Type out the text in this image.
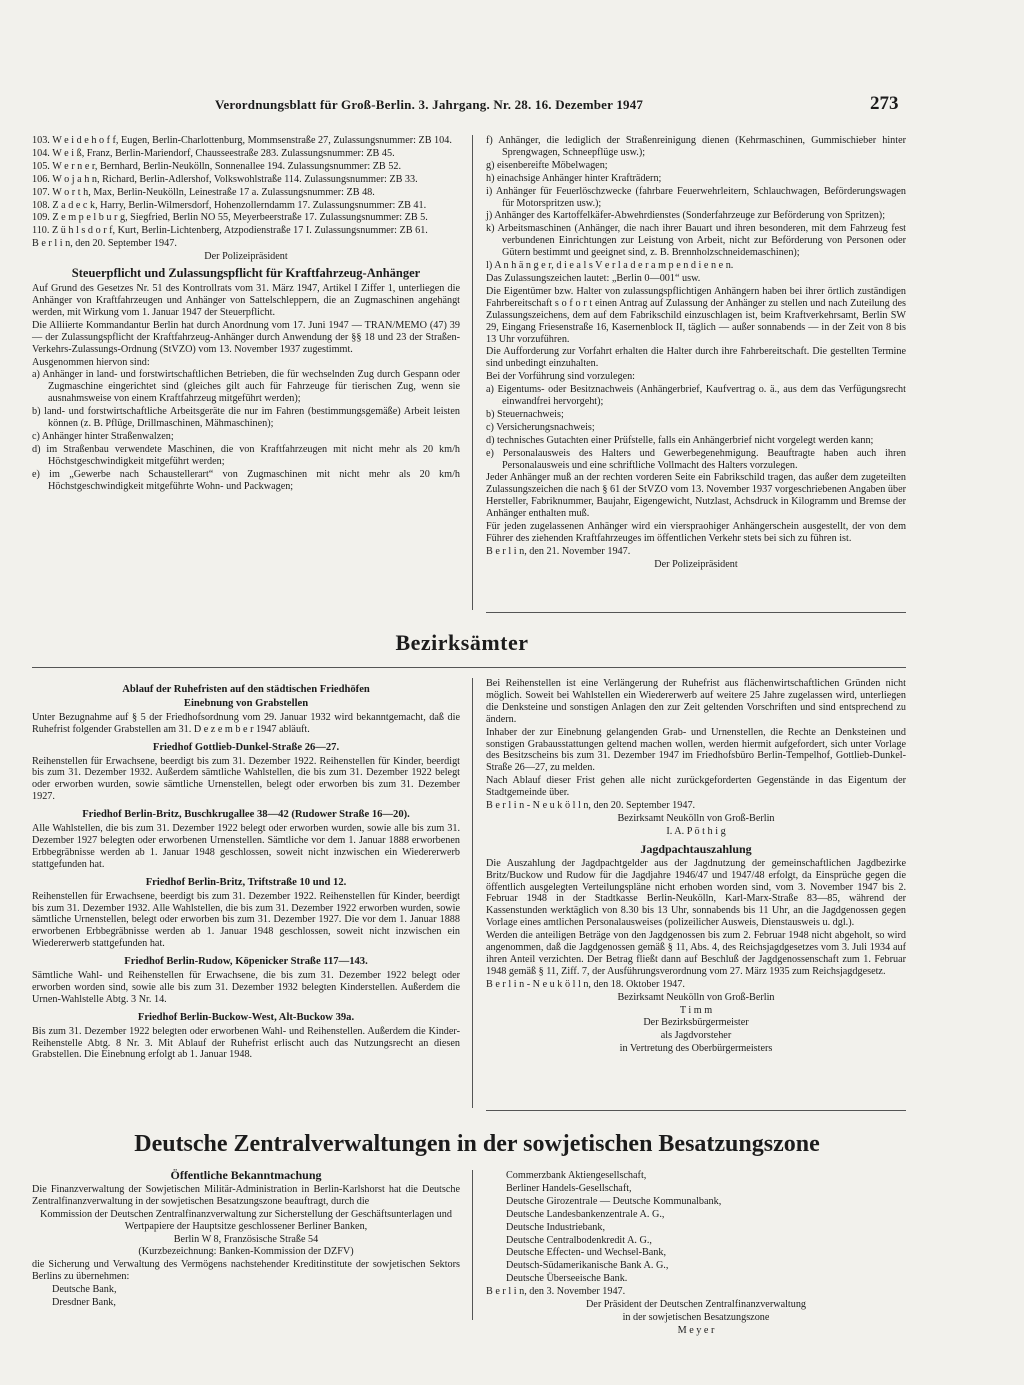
Verordnungsblatt für Groß-Berlin. 3. Jahrgang. Nr. 28. 16. Dezember 1947	273

103. W e i d e h o f f, Eugen, Berlin-Charlottenburg, Mommsenstraße 27, Zulassungsnummer: ZB 104.

104. W e i ß, Franz, Berlin-Mariendorf, Chausseestraße 283. Zulassungsnummer: ZB 45.

105. W e r n e r, Bernhard, Berlin-Neukölln, Sonnenallee 194. Zulassungsnummer: ZB 52.

106. W o j a h n, Richard, Berlin-Adlershof, Volkswohlstraße 114. Zulassungsnummer: ZB 33.

107. W o r t h, Max, Berlin-Neukölln, Leinestraße 17 a. Zulassungsnummer: ZB 48.

108. Z a d e c k, Harry, Berlin-Wilmersdorf, Hohenzollerndamm 17. Zulassungsnummer: ZB 41.

109. Z e m p e l b u r g, Siegfried, Berlin NO 55, Meyerbeerstraße 17. Zulassungsnummer: ZB 5.

110. Z ü h l s d o r f, Kurt, Berlin-Lichtenberg, Atzpodienstraße 17 I. Zulassungsnummer: ZB 61.

B e r l i n, den 20. September 1947.

Der Polizeipräsident

Steuerpflicht und Zulassungspflicht für Kraftfahrzeug-Anhänger

Auf Grund des Gesetzes Nr. 51 des Kontrollrats vom 31. März 1947, Artikel I Ziffer 1, unterliegen die Anhänger von Kraftfahrzeugen und Anhänger von Sattelschleppern, die an Zugmaschinen angehängt werden, mit Wirkung vom 1. Januar 1947 der Steuerpflicht.

Die Alliierte Kommandantur Berlin hat durch Anordnung vom 17. Juni 1947 — TRAN/MEMO (47) 39 — der Zulassungspflicht der Kraftfahrzeug-Anhänger durch Anwendung der §§ 18 und 23 der Straßen-Verkehrs-Zulassungs-Ordnung (StVZO) vom 13. November 1937 zugestimmt.

Ausgenommen hiervon sind:

a) Anhänger in land- und forstwirtschaftlichen Betrieben, die für wechselnden Zug durch Gespann oder Zugmaschine eingerichtet sind (gleiches gilt auch für Fahrzeuge für tierischen Zug, wenn sie ausnahmsweise von einem Kraftfahrzeug mitgeführt werden);

b) land- und forstwirtschaftliche Arbeitsgeräte die nur im Fahren (bestimmungsgemäße) Arbeit leisten können (z. B. Pflüge, Drillmaschinen, Mähmaschinen);

c) Anhänger hinter Straßenwalzen;

d) im Straßenbau verwendete Maschinen, die von Kraftfahrzeugen mit nicht mehr als 20 km/h Höchstgeschwindigkeit mitgeführt werden;

e) im „Gewerbe nach Schaustellerart“ von Zugmaschinen mit nicht mehr als 20 km/h Höchstgeschwindigkeit mitgeführte Wohn- und Packwagen;

f) Anhänger, die lediglich der Straßenreinigung dienen (Kehrmaschinen, Gummischieber hinter Sprengwagen, Schneepflüge usw.);

g) eisenbereifte Möbelwagen;

h) einachsige Anhänger hinter Krafträdern;

i) Anhänger für Feuerlöschzwecke (fahrbare Feuerwehrleitern, Schlauchwagen, Beförderungswagen für Motorspritzen usw.);

j) Anhänger des Kartoffelkäfer-Abwehrdienstes (Sonderfahrzeuge zur Beförderung von Spritzen);

k) Arbeitsmaschinen (Anhänger, die nach ihrer Bauart und ihren besonderen, mit dem Fahrzeug fest verbundenen Einrichtungen zur Leistung von Arbeit, nicht zur Beförderung von Personen oder Gütern bestimmt und geeignet sind, z. B. Brennholzschneidemaschinen);

l) A n h ä n g e r, d i e a l s V e r l a d e r a m p e n d i e n e n.

Das Zulassungszeichen lautet: „Berlin 0—001“ usw.

Die Eigentümer bzw. Halter von zulassungspflichtigen Anhängern haben bei ihrer örtlich zuständigen Fahrbereitschaft s o f o r t einen Antrag auf Zulassung der Anhänger zu stellen und nach Zuteilung des Zulassungszeichens, dem auf dem Fabrikschild einzuschlagen ist, beim Kraftverkehrsamt, Berlin SW 29, Eingang Friesenstraße 16, Kasernenblock II, täglich — außer sonnabends — in der Zeit von 8 bis 13 Uhr vorzuführen.

Die Aufforderung zur Vorfahrt erhalten die Halter durch ihre Fahrbereitschaft. Die gestellten Termine sind unbedingt einzuhalten.

Bei der Vorführung sind vorzulegen:

a) Eigentums- oder Besitznachweis (Anhängerbrief, Kaufvertrag o. ä., aus dem das Verfügungsrecht einwandfrei hervorgeht);

b) Steuernachweis;

c) Versicherungsnachweis;

d) technisches Gutachten einer Prüfstelle, falls ein Anhängerbrief nicht vorgelegt werden kann;

e) Personalausweis des Halters und Gewerbegenehmigung. Beauftragte haben auch ihren Personalausweis und eine schriftliche Vollmacht des Halters vorzulegen.

Jeder Anhänger muß an der rechten vorderen Seite ein Fabrikschild tragen, das außer dem zugeteilten Zulassungszeichen die nach § 61 der StVZO vom 13. November 1937 vorgeschriebenen Angaben über Hersteller, Fabriknummer, Baujahr, Eigengewicht, Nutzlast, Achsdruck in Kilogramm und Bremse der Anhänger enthalten muß.

Für jeden zugelassenen Anhänger wird ein vierspraohiger Anhängerschein ausgestellt, der von dem Führer des ziehenden Kraftfahrzeuges im öffentlichen Verkehr stets bei sich zu führen ist.

B e r l i n, den 21. November 1947.

Der Polizeipräsident

Bezirksämter

Ablauf der Ruhefristen auf den städtischen Friedhöfen

Einebnung von Grabstellen

Unter Bezugnahme auf § 5 der Friedhofsordnung vom 29. Januar 1932 wird bekanntgemacht, daß die Ruhefrist folgender Grabstellen am 31. D e z e m b e r 1947 abläuft.

Friedhof Gottlieb-Dunkel-Straße 26—27.

Reihenstellen für Erwachsene, beerdigt bis zum 31. Dezember 1922. Reihenstellen für Kinder, beerdigt bis zum 31. Dezember 1932. Außerdem sämtliche Wahlstellen, die bis zum 31. Dezember 1922 belegt oder erworben wurden, sowie sämtliche Urnenstellen, belegt oder erworben bis zum 31. Dezember 1927.

Friedhof Berlin-Britz, Buschkrugallee 38—42 (Rudower Straße 16—20).

Alle Wahlstellen, die bis zum 31. Dezember 1922 belegt oder erworben wurden, sowie alle bis zum 31. Dezember 1927 belegten oder erworbenen Urnenstellen. Sämtliche vor dem 1. Januar 1888 erworbenen Erbbegräbnisse werden ab 1. Januar 1948 geschlossen, soweit nicht inzwischen ein Wiedererwerb stattgefunden hat.

Friedhof Berlin-Britz, Triftstraße 10 und 12.

Reihenstellen für Erwachsene, beerdigt bis zum 31. Dezember 1922. Reihenstellen für Kinder, beerdigt bis zum 31. Dezember 1932. Alle Wahlstellen, die bis zum 31. Dezember 1922 erworben wurden, sowie sämtliche Urnenstellen, belegt oder erworben bis zum 31. Dezember 1927. Die vor dem 1. Januar 1888 erworbenen Erbbegräbnisse werden ab 1. Januar 1948 geschlossen, soweit nicht inzwischen ein Wiedererwerb stattgefunden hat.

Friedhof Berlin-Rudow, Köpenicker Straße 117—143.

Sämtliche Wahl- und Reihenstellen für Erwachsene, die bis zum 31. Dezember 1922 belegt oder erworben worden sind, sowie alle bis zum 31. Dezember 1932 belegten Kinderstellen. Außerdem die Urnen-Wahlstelle Abtg. 3 Nr. 14.

Friedhof Berlin-Buckow-West, Alt-Buckow 39a.

Bis zum 31. Dezember 1922 belegten oder erworbenen Wahl- und Reihenstellen. Außerdem die Kinder-Reihenstelle Abtg. 8 Nr. 3. Mit Ablauf der Ruhefrist erlischt auch das Nutzungsrecht an diesen Grabstellen. Die Einebnung erfolgt ab 1. Januar 1948.

Bei Reihenstellen ist eine Verlängerung der Ruhefrist aus flächenwirtschaftlichen Gründen nicht möglich. Soweit bei Wahlstellen ein Wiedererwerb auf weitere 25 Jahre zugelassen wird, unterliegen die Denksteine und sonstigen Anlagen den zur Zeit geltenden Vorschriften und sind entsprechend zu ändern.

Inhaber der zur Einebnung gelangenden Grab- und Urnenstellen, die Rechte an Denksteinen und sonstigen Grabausstattungen geltend machen wollen, werden hiermit aufgefordert, sich unter Vorlage des Besitzscheins bis zum 31. Dezember 1947 im Friedhofsbüro Berlin-Tempelhof, Gottlieb-Dunkel-Straße 26—27, zu melden.

Nach Ablauf dieser Frist gehen alle nicht zurückgeforderten Gegenstände in das Eigentum der Stadtgemeinde über.

B e r l i n - N e u k ö l l n, den 20. September 1947.

Bezirksamt Neukölln von Groß-Berlin

I. A. P ö t h i g

Jagdpachtauszahlung

Die Auszahlung der Jagdpachtgelder aus der Jagdnutzung der gemeinschaftlichen Jagdbezirke Britz/Buckow und Rudow für die Jagdjahre 1946/47 und 1947/48 erfolgt, da Einsprüche gegen die öffentlich ausgelegten Verteilungspläne nicht erhoben worden sind, vom 3. November 1947 bis 2. Februar 1948 in der Stadtkasse Berlin-Neukölln, Karl-Marx-Straße 83—85, während der Kassenstunden werktäglich von 8.30 bis 13 Uhr, sonnabends bis 11 Uhr, an die Jagdgenossen gegen Vorlage eines amtlichen Personalausweises (polizeilicher Ausweis, Dienstausweis u. dgl.).

Werden die anteiligen Beträge von den Jagdgenossen bis zum 2. Februar 1948 nicht abgeholt, so wird angenommen, daß die Jagdgenossen gemäß § 11, Abs. 4, des Reichsjagdgesetzes vom 3. Juli 1934 auf ihren Anteil verzichten. Der Betrag fließt dann auf Beschluß der Jagdgenossenschaft zum 1. Februar 1948 gemäß § 11, Ziff. 7, der Ausführungsverordnung vom 27. März 1935 zum Reichsjagdgesetz.

B e r l i n - N e u k ö l l n, den 18. Oktober 1947.

Bezirksamt Neukölln von Groß-Berlin

T i m m

Der Bezirksbürgermeister

als Jagdvorsteher

in Vertretung des Oberbürgermeisters

Deutsche Zentralverwaltungen in der sowjetischen Besatzungszone

Öffentliche Bekanntmachung

Die Finanzverwaltung der Sowjetischen Militär-Administration in Berlin-Karlshorst hat die Deutsche Zentralfinanzverwaltung in der sowjetischen Besatzungszone beauftragt, durch die

Kommission der Deutschen Zentralfinanzverwaltung zur Sicherstellung der Geschäftsunterlagen und Wertpapiere der Hauptsitze geschlossener Berliner Banken,

Berlin W 8, Französische Straße 54

(Kurzbezeichnung: Banken-Kommission der DZFV)

die Sicherung und Verwaltung des Vermögens nachstehender Kreditinstitute der sowjetischen Sektors Berlins zu übernehmen:

Deutsche Bank,

Dresdner Bank,

Commerzbank Aktiengesellschaft,

Berliner Handels-Gesellschaft,

Deutsche Girozentrale — Deutsche Kommunalbank,

Deutsche Landesbankenzentrale A. G.,

Deutsche Industriebank,

Deutsche Centralbodenkredit A. G.,

Deutsche Effecten- und Wechsel-Bank,

Deutsch-Südamerikanische Bank A. G.,

Deutsche Überseeische Bank.

B e r l i n, den 3. November 1947.

Der Präsident der Deutschen Zentralfinanzverwaltung

in der sowjetischen Besatzungszone

M e y e r
